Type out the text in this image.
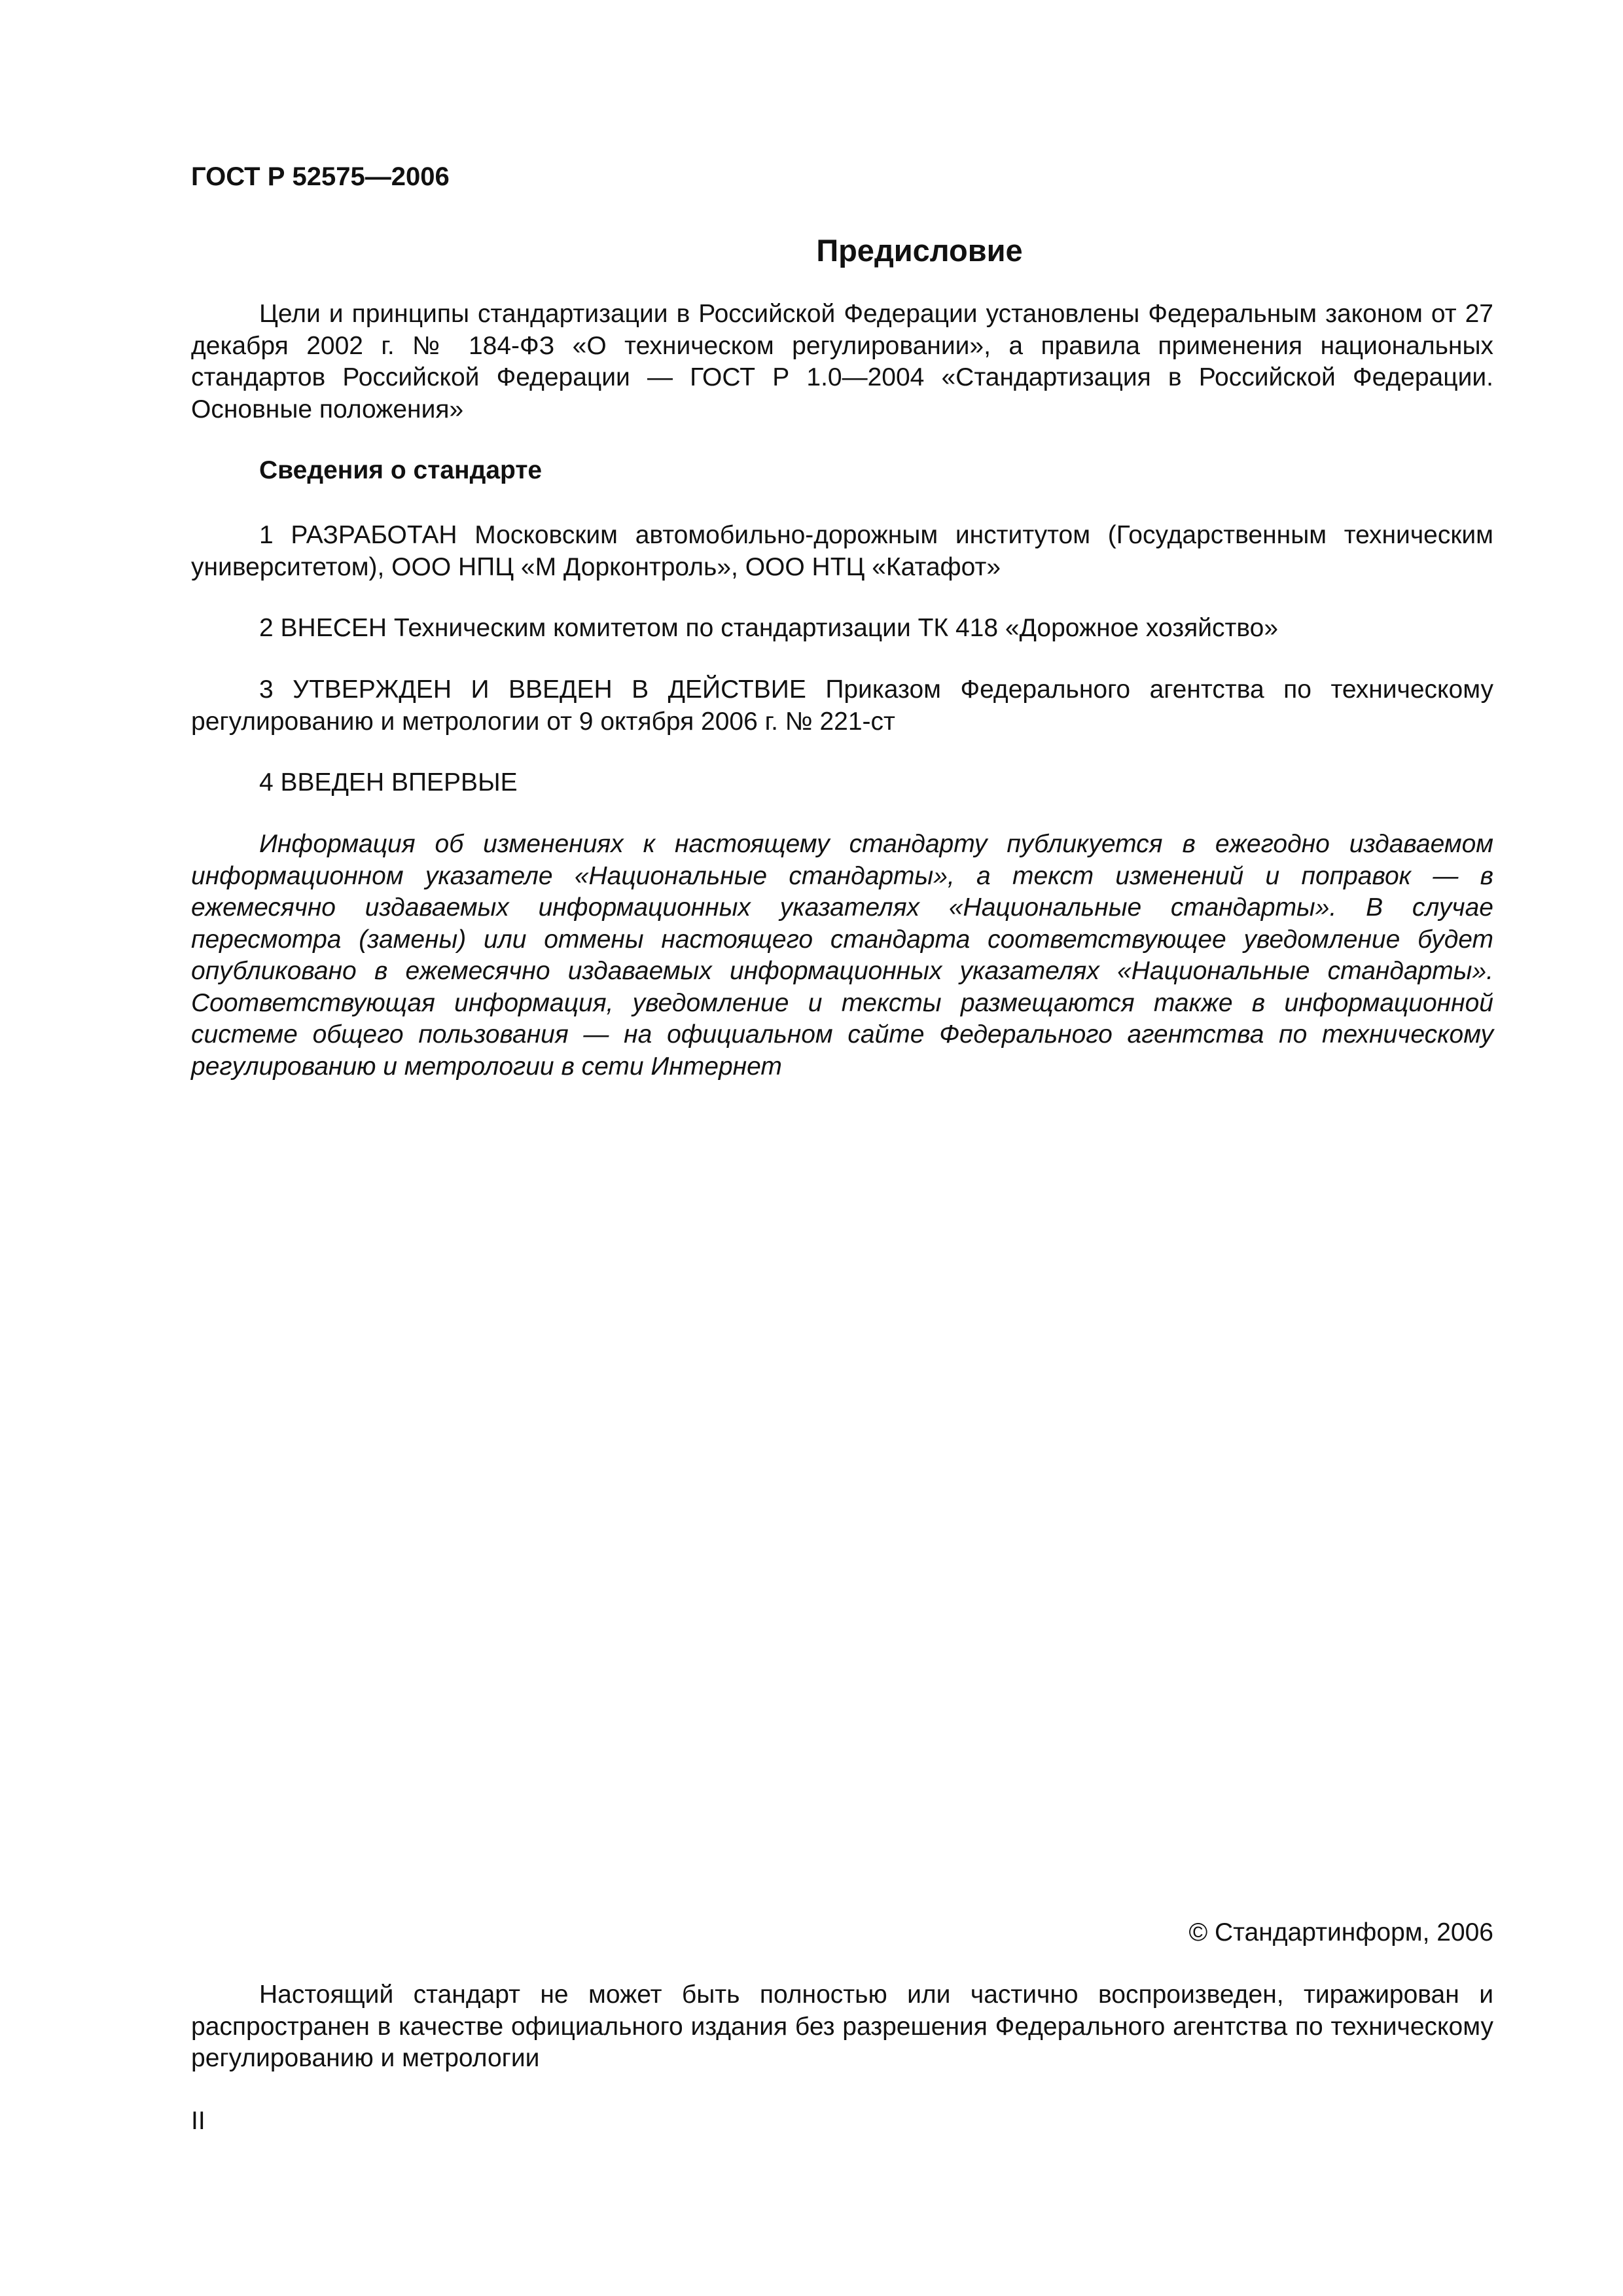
ГОСТ Р 52575—2006
Предисловие
Цели и принципы стандартизации в Российской Федерации установлены Федеральным законом от 27 декабря 2002 г. № 184-ФЗ «О техническом регулировании», а правила применения национальных стандартов Российской Федерации — ГОСТ Р 1.0—2004 «Стандартизация в Российской Федерации. Основные положения»
Сведения о стандарте
1 РАЗРАБОТАН Московским автомобильно-дорожным институтом (Государственным техническим университетом), ООО НПЦ «М Дорконтроль», ООО НТЦ «Катафот»
2 ВНЕСЕН Техническим комитетом по стандартизации ТК 418 «Дорожное хозяйство»
3 УТВЕРЖДЕН И ВВЕДЕН В ДЕЙСТВИЕ Приказом Федерального агентства по техническому регулированию и метрологии от 9 октября 2006 г. № 221-ст
4 ВВЕДЕН ВПЕРВЫЕ
Информация об изменениях к настоящему стандарту публикуется в ежегодно издаваемом информационном указателе «Национальные стандарты», а текст изменений и поправок — в ежемесячно издаваемых информационных указателях «Национальные стандарты». В случае пересмотра (замены) или отмены настоящего стандарта соответствующее уведомление будет опубликовано в ежемесячно издаваемых информационных указателях «Национальные стандарты». Соответствующая информация, уведомление и тексты размещаются также в информационной системе общего пользования — на официальном сайте Федерального агентства по техническому регулированию и метрологии в сети Интернет
© Стандартинформ, 2006
Настоящий стандарт не может быть полностью или частично воспроизведен, тиражирован и распространен в качестве официального издания без разрешения Федерального агентства по техническому регулированию и метрологии
II
